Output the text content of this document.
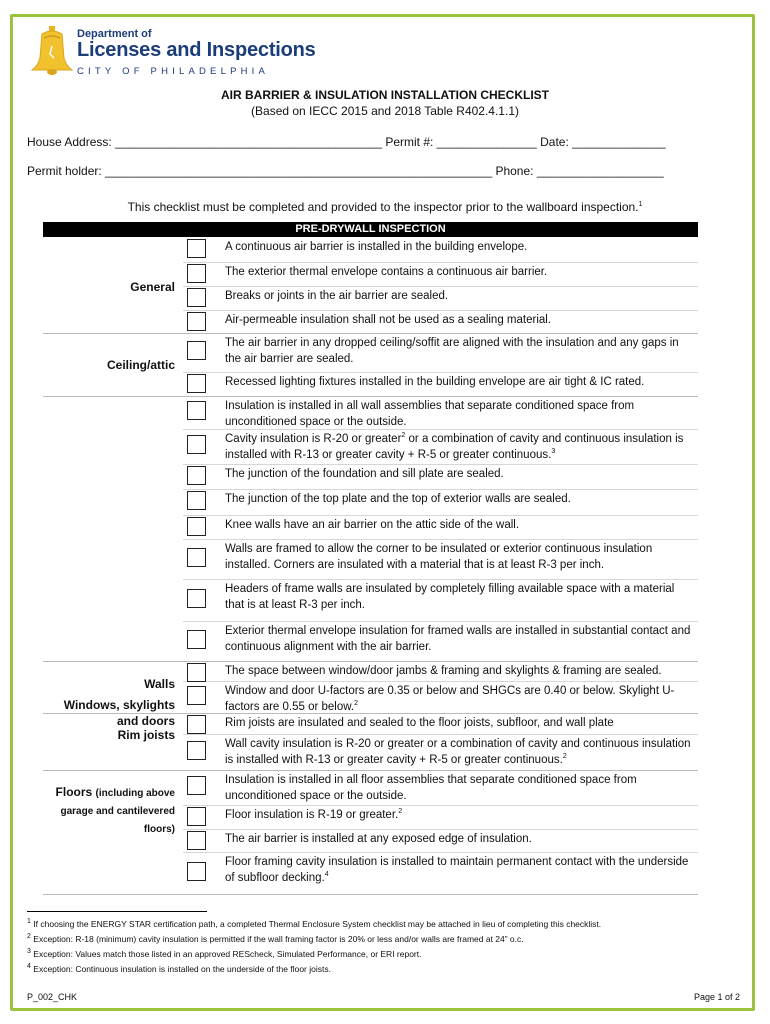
Department of
Licenses and Inspections
CITY OF PHILADELPHIA
AIR BARRIER & INSULATION INSTALLATION CHECKLIST
(Based on IECC 2015 and 2018 Table R402.4.1.1)
House Address: ________________________________________ Permit #: _______________ Date: ______________
Permit holder: __________________________________________________________ Phone: ___________________
This checklist must be completed and provided to the inspector prior to the wallboard inspection.$^1$
PRE-DRYWALL INSPECTION
General
A continuous air barrier is installed in the building envelope.
The exterior thermal envelope contains a continuous air barrier.
Breaks or joints in the air barrier are sealed.
Air-permeable insulation shall not be used as a sealing material.
Ceiling/attic
The air barrier in any dropped ceiling/soffit are aligned with the insulation and any gaps in the air barrier are sealed.
Recessed lighting fixtures installed in the building envelope are air tight & IC rated.
Walls
Insulation is installed in all wall assemblies that separate conditioned space from unconditioned space or the outside.
Cavity insulation is R-20 or greater$^2$ or a combination of cavity and continuous insulation is installed with R-13 or greater cavity + R-5 or greater continuous.$^3$
The junction of the foundation and sill plate are sealed.
The junction of the top plate and the top of exterior walls are sealed.
Knee walls have an air barrier on the attic side of the wall.
Walls are framed to allow the corner to be insulated or exterior continuous insulation installed. Corners are insulated with a material that is at least R-3 per inch.
Headers of frame walls are insulated by completely filling available space with a material that is at least R-3 per inch.
Exterior thermal envelope insulation for framed walls are installed in substantial contact and continuous alignment with the air barrier.
Windows, skylights and doors
The space between window/door jambs & framing and skylights & framing are sealed.
Window and door U-factors are 0.35 or below and SHGCs are 0.40 or below. Skylight U-factors are 0.55 or below.$^2$
Rim joists
Rim joists are insulated and sealed to the floor joists, subfloor, and wall plate
Wall cavity insulation is R-20 or greater or a combination of cavity and continuous insulation is installed with R-13 or greater cavity + R-5 or greater continuous.$^2$
Floors (including above garage and cantilevered floors)
Insulation is installed in all floor assemblies that separate conditioned space from unconditioned space or the outside.
Floor insulation is R-19 or greater.$^2$
The air barrier is installed at any exposed edge of insulation.
Floor framing cavity insulation is installed to maintain permanent contact with the underside of subfloor decking.$^4$
$^1$ If choosing the ENERGY STAR certification path, a completed Thermal Enclosure System checklist may be attached in lieu of completing this checklist.
$^2$ Exception: R-18 (minimum) cavity insulation is permitted if the wall framing factor is 20% or less and/or walls are framed at 24” o.c.
$^3$ Exception: Values match those listed in an approved REScheck, Simulated Performance, or ERI report.
$^4$ Exception: Continuous insulation is installed on the underside of the floor joists.
P_002_CHK	Page 1 of 2
